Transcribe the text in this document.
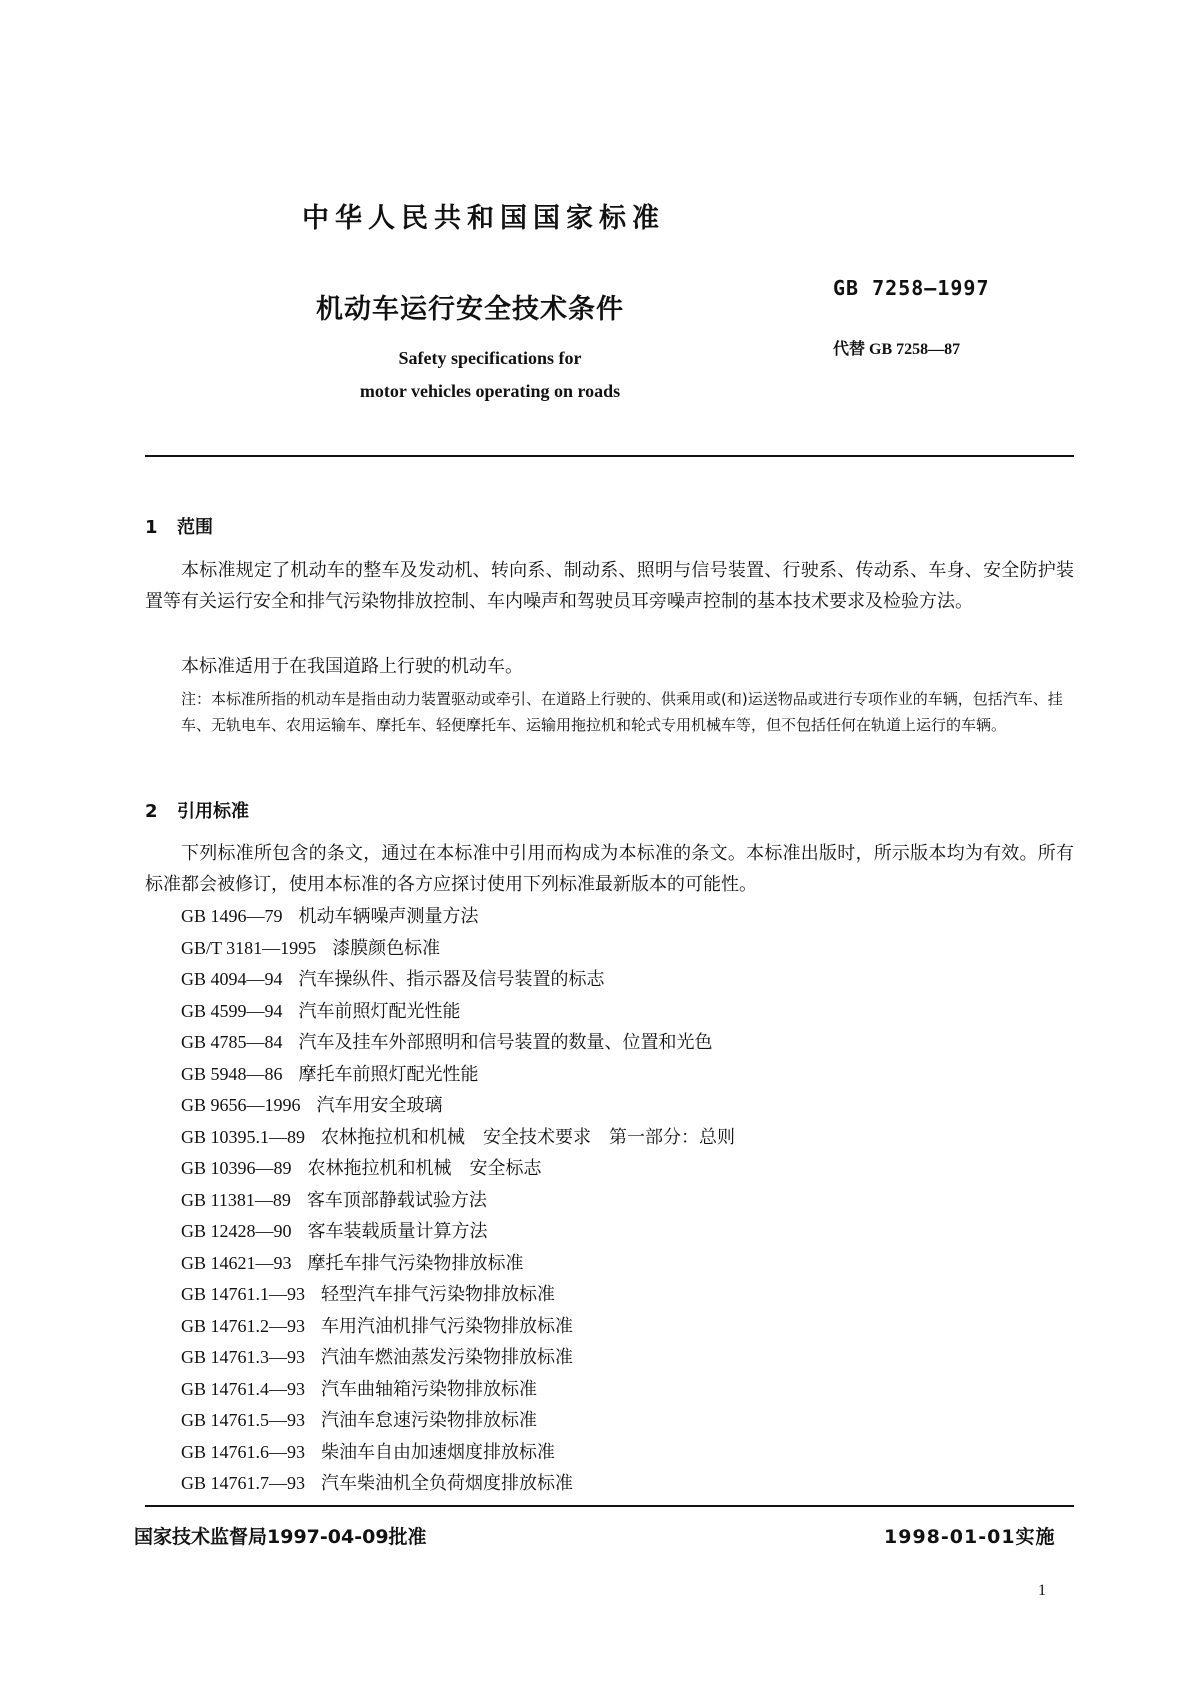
中华人民共和国国家标准
机动车运行安全技术条件
GB 7258—1997
代替 GB 7258—87
Safety specifications for
motor vehicles operating on roads
1 范围
本标准规定了机动车的整车及发动机、转向系、制动系、照明与信号装置、行驶系、传动系、车身、安全防护装置等有关运行安全和排气污染物排放控制、车内噪声和驾驶员耳旁噪声控制的基本技术要求及检验方法。
本标准适用于在我国道路上行驶的机动车。
注：本标准所指的机动车是指由动力装置驱动或牵引、在道路上行驶的、供乘用或(和)运送物品或进行专项作业的车辆，包括汽车、挂车、无轨电车、农用运输车、摩托车、轻便摩托车、运输用拖拉机和轮式专用机械车等，但不包括任何在轨道上运行的车辆。
2 引用标准
下列标准所包含的条文，通过在本标准中引用而构成为本标准的条文。本标准出版时，所示版本均为有效。所有标准都会被修订，使用本标准的各方应探讨使用下列标准最新版本的可能性。
GB 1496—79 机动车辆噪声测量方法
GB/T 3181—1995 漆膜颜色标准
GB 4094—94 汽车操纵件、指示器及信号装置的标志
GB 4599—94 汽车前照灯配光性能
GB 4785—84 汽车及挂车外部照明和信号装置的数量、位置和光色
GB 5948—86 摩托车前照灯配光性能
GB 9656—1996 汽车用安全玻璃
GB 10395.1—89 农林拖拉机和机械　安全技术要求　第一部分：总则
GB 10396—89 农林拖拉机和机械　安全标志
GB 11381—89 客车顶部静载试验方法
GB 12428—90 客车装载质量计算方法
GB 14621—93 摩托车排气污染物排放标准
GB 14761.1—93 轻型汽车排气污染物排放标准
GB 14761.2—93 车用汽油机排气污染物排放标准
GB 14761.3—93 汽油车燃油蒸发污染物排放标准
GB 14761.4—93 汽车曲轴箱污染物排放标准
GB 14761.5—93 汽油车怠速污染物排放标准
GB 14761.6—93 柴油车自由加速烟度排放标准
GB 14761.7—93 汽车柴油机全负荷烟度排放标准
国家技术监督局1997-04-09批准	1998-01-01实施
1
